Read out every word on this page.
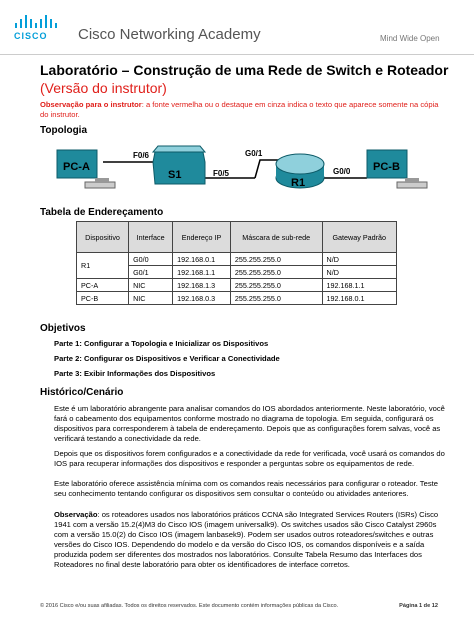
CISCO Cisco Networking Academy	Mind Wide Open
Laboratório – Construção de uma Rede de Switch e Roteador
(Versão do instrutor)
Observação para o instrutor: a fonte vermelha ou o destaque em cinza indica o texto que aparece somente na cópia do instrutor.
Topologia
PC-A
S1
R1
PC-B
F0/6
F0/5
G0/1
G0/0
Tabela de Endereçamento
Dispositivo	Interface	Endereço IP	Máscara de sub-rede	Gateway Padrão
R1	G0/0	192.168.0.1	255.255.255.0	N/D
	G0/1	192.168.1.1	255.255.255.0	N/D
PC-A	NIC	192.168.1.3	255.255.255.0	192.168.1.1
PC-B	NIC	192.168.0.3	255.255.255.0	192.168.0.1
Objetivos
Parte 1: Configurar a Topologia e Inicializar os Dispositivos
Parte 2: Configurar os Dispositivos e Verificar a Conectividade
Parte 3: Exibir Informações dos Dispositivos
Histórico/Cenário
Este é um laboratório abrangente para analisar comandos do IOS abordados anteriormente. Neste laboratório, você fará o cabeamento dos equipamentos conforme mostrado no diagrama de topologia. Em seguida, configurará os dispositivos para corresponderem à tabela de endereçamento. Depois que as configurações forem salvas, você as verificará testando a conectividade da rede.
Depois que os dispositivos forem configurados e a conectividade da rede for verificada, você usará os comandos do IOS para recuperar informações dos dispositivos e responder a perguntas sobre os equipamentos de rede.
Este laboratório oferece assistência mínima com os comandos reais necessários para configurar o roteador. Teste seu conhecimento tentando configurar os dispositivos sem consultar o conteúdo ou atividades anteriores.
Observação: os roteadores usados nos laboratórios práticos CCNA são Integrated Services Routers (ISRs) Cisco 1941 com a versão 15.2(4)M3 do Cisco IOS (imagem universalk9). Os switches usados são Cisco Catalyst 2960s com a versão 15.0(2) do Cisco IOS (imagem lanbasek9). Podem ser usados outros roteadores/switches e outras versões do Cisco IOS. Dependendo do modelo e da versão do Cisco IOS, os comandos disponíveis e a saída produzida podem ser diferentes dos mostrados nos laboratórios. Consulte Tabela Resumo das Interfaces dos Roteadores no final deste laboratório para obter os identificadores de interface corretos.
© 2016 Cisco e/ou suas afiliadas. Todos os direitos reservados. Este documento contém informações públicas da Cisco.	Página 1 de 12
